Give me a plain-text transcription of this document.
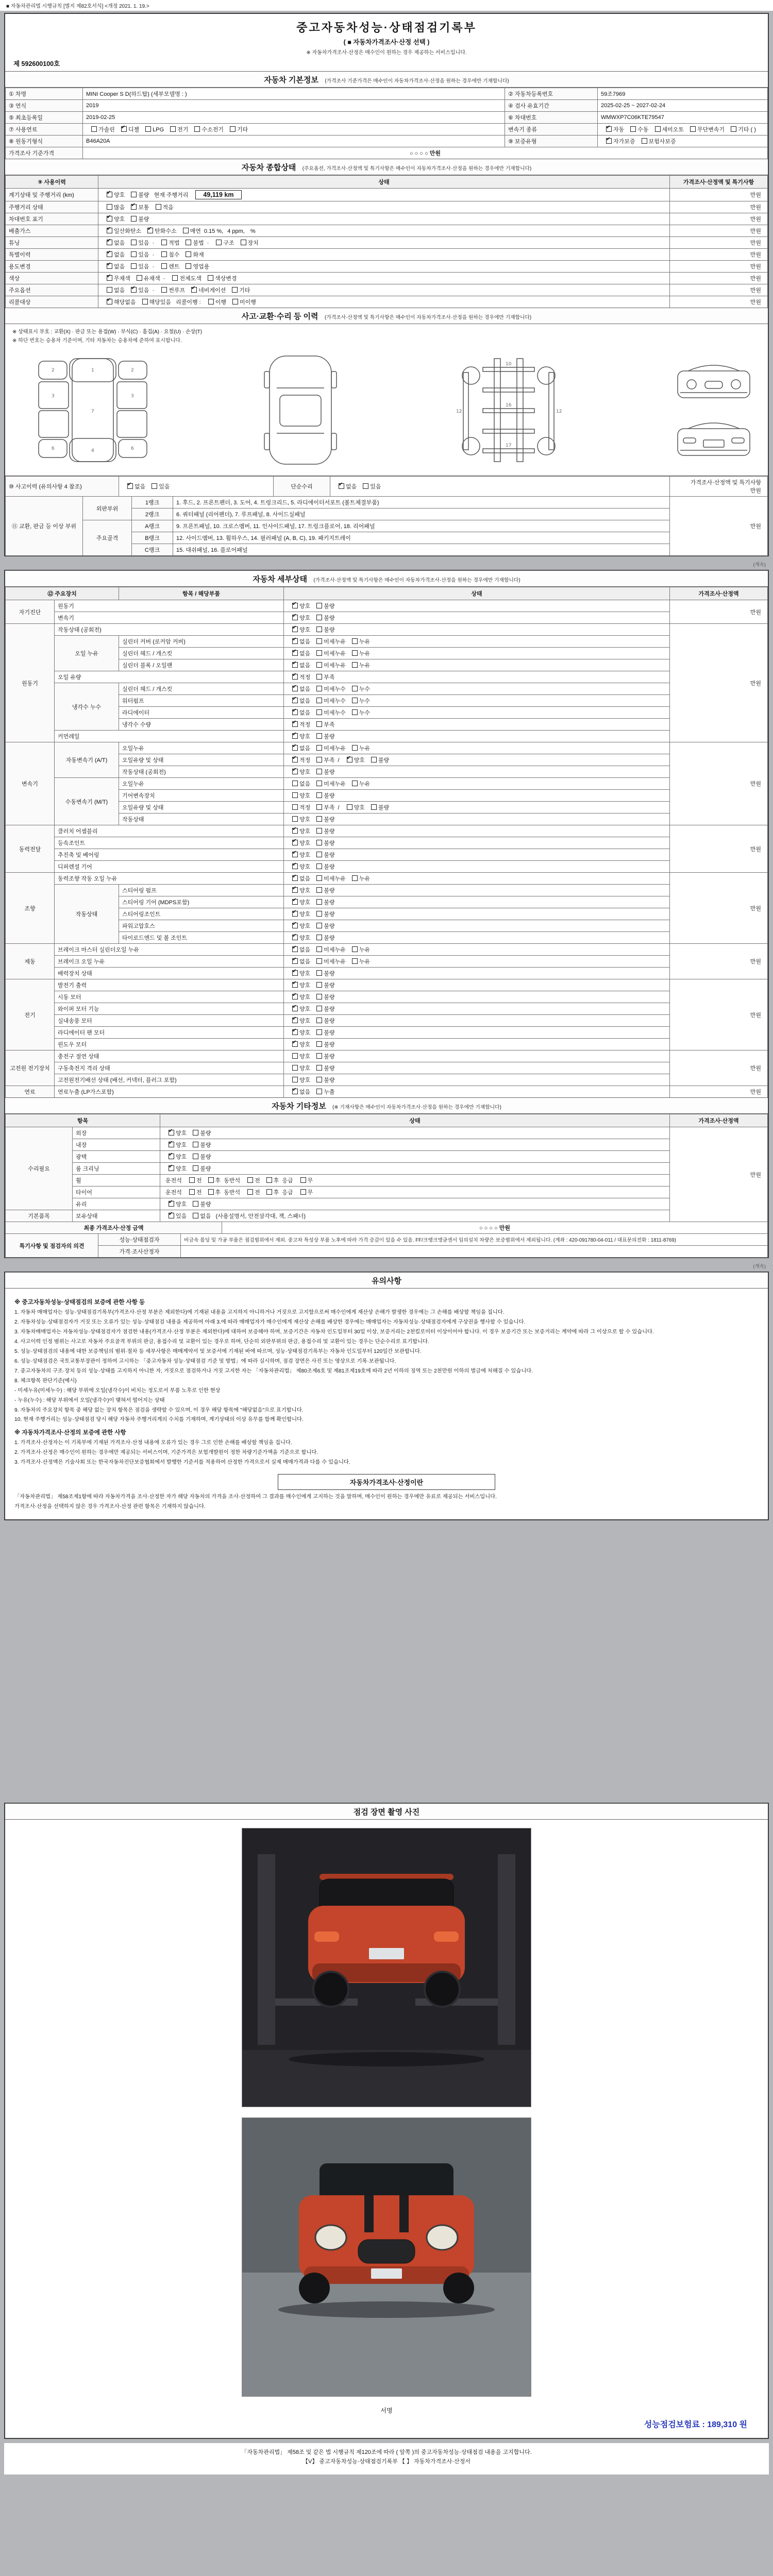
■ 자동차관리법 시행규칙 [별지 제82호서식] <개정 2021. 1. 19.>
중고자동차성능·상태점검기록부
( ■ 자동차가격조사·산정 선택 )
※ 자동차가격조사·산정은 매수인이 원하는 경우 제공하는 서비스입니다.
제 592600100호
자동차 기본정보 (가격조사 기준가격은 매수인이 자동차가격조사·산정을 원하는 경우에만 기재합니다)
① 차명	MINI Cooper S D(하드탑) (세부모델명 : )	② 자동차등록번호	59조7969
③ 연식	2019	④ 검사 유효기간	2025-02-25 ~ 2027-02-24
⑤ 최초등록일	2019-02-25	⑥ 차대번호	WMWXP7C06KTE79547
⑦ 사용연료	가솔린 ✔ 디젤 LPG 전기 수소전기 기타	변속기 종류	✔자동 수동 세미오토 무단변속기 기타 ( )
⑧ 원동기형식	B46A20A	⑨ 보증유형	✔자가보증 보험사보증
가격조사 기준가격	○ ○ ○ ○ 만원		
자동차 종합상태 (주요옵션, 가격조사·산정액 및 특기사항은 매수인이 자동차가격조사·산정을 원하는 경우에만 기재합니다)
⑨ 사용이력	상태	가격조사·산정액 및 특기사항
계기상태 및 주행거리 (km)	✔양호 불량 현재 주행거리 49,119 km	만원
주행거리 상태	많음 ✔ 보통 적음	만원
차대번호 표기	✔양호 불량	만원
배출가스	✔일산화탄소 ✔ 탄화수소 매연 0.15 %, 4 ppm, %	만원
튜닝	✔없음 있음 · 적법 불법 · 구조 장치	만원
특별이력	✔없음 있음 · 침수 화재	만원
용도변경	✔없음 있음 · 렌트 영업용	만원
색상	✔무채색 유채색 · 전체도색 색상변경	만원
주요옵션	없음 ✔ 있음 · 썬루프 ✔ 네비게이션 기타	만원
리콜대상	✔해당없음 해당있음 리콜이행 : 이행 미이행	만원
사고·교환·수리 등 이력 (가격조사·산정액 및 특기사항은 매수인이 자동차가격조사·산정을 원하는 경우에만 기재합니다)
※ 상태표시 부호 : 교환(X) · 판금 또는 용접(W) · 부식(C) · 흠집(A) · 요철(U) · 손상(T)
※ 하단 번호는 승용차 기준이며, 기타 자동차는 승용차에 준하여 표시합니다.
1
7
4
3	3
2	2
6	6
10
16
17
12	12
⑩ 사고이력 (유의사항 4 참조)	✔없음 있음	단순수리	✔없음 있음	
가격조사·산정액 및 특기사항
만원
⑪ 교환, 판금 등 이상 부위	외판부위	1랭크	1. 후드, 2. 프론트펜더, 3. 도어, 4. 트렁크리드, 5. 라디에이터서포트 (볼트체결부품)	만원
		2랭크	6. 쿼터패널 (리어펜더), 7. 루프패널, 8. 사이드실패널	
	주요골격	A랭크	9. 프론트패널, 10. 크로스멤버, 11. 인사이드패널, 17. 트렁크플로어, 18. 리어패널	
		B랭크	12. 사이드멤버, 13. 휠하우스, 14. 필러패널 (A, B, C), 19. 패키지트레이	
		C랭크	15. 대쉬패널, 16. 플로어패널	
(계속)
자동차 세부상태 (가격조사·산정액 및 특기사항은 매수인이 자동차가격조사·산정을 원하는 경우에만 기재합니다)
⑫ 주요장치		항목 / 해당부품	상태	가격조사·산정액
자기진단	원동기	✔양호 불량	만원
	변속기	✔양호 불량
원동기	작동상태 (공회전)	✔양호 불량	만원
	오일 누유	실린더 커버 (로커암 커버)	✔없음 미세누유 누유
		실린더 헤드 / 개스킷	✔없음 미세누유 누유
		실린더 블록 / 오일팬	✔없음 미세누유 누유
	오일 유량	✔적정 부족
	냉각수 누수	실린더 헤드 / 개스킷	✔없음 미세누수 누수
		워터펌프	✔없음 미세누수 누수
		라디에이터	✔없음 미세누수 누수
		냉각수 수량	✔적정 부족
	커먼레일	✔양호 불량
변속기	자동변속기 (A/T)	오일누유	✔없음 미세누유 누유	만원
		오일유량 및 상태	✔적정 부족 / ✔ 양호 불량
		작동상태 (공회전)	✔양호 불량
	수동변속기 (M/T)	오일누유	없음 미세누유 누유	
		기어변속장치	양호 불량	
		오일유량 및 상태	적정 부족 / 양호 불량	
		작동상태	양호 불량	
동력전달	클러치 어셈블리	✔양호 불량	만원
	등속조인트	✔양호 불량
	추진축 및 베어링	✔양호 불량
	디퍼렌셜 기어	✔양호 불량
조향	동력조향 작동 오일 누유	✔없음 미세누유 누유	만원
	작동상태	스티어링 펌프	✔양호 불량
		스티어링 기어 (MDPS포함)	✔양호 불량
		스티어링조인트	✔양호 불량
		파워고압호스	✔양호 불량
		타이로드엔드 및 볼 조인트	✔양호 불량
제동	브레이크 마스터 실린더오일 누유	✔없음 미세누유 누유	만원
	브레이크 오일 누유	✔없음 미세누유 누유
	배력장치 상태	✔양호 불량
전기	발전기 출력	✔양호 불량	만원
	시동 모터	✔양호 불량
	와이퍼 모터 기능	✔양호 불량
	실내송풍 모터	✔양호 불량
	라디에이터 팬 모터	✔양호 불량
	윈도우 모터	✔양호 불량
고전원 전기장치	충전구 절연 상태		양호 불량	만원
	구동축전지 격리 상태		양호 불량	
	고전원전기배선 상태 (배선, 커넥터, 플러그 포함)		양호 불량	
연료	연료누출 (LP가스포함)	✔없음 누출	만원
자동차 기타정보 (※ 기재사항은 매수인이 자동차가격조사·산정을 원하는 경우에만 기재합니다)
항목		상태	가격조사·산정액
수리필요	외장	✔양호 불량	만원
	내장	✔양호 불량
	광택	✔양호 불량
	룸 크리닝	✔양호 불량
	휠	운전석 전 후 동반석 전 후 응급 무	
	타이어	운전석 전 후 동반석 전 후 응급 무	
	유리	✔양호 불량
기본품목	보유상태	✔있음 없음 (사용설명서, 안전삼각대, 잭, 스패너)
최종 가격조사·산정 금액	○ ○ ○ ○ 만원
특기사항 및 점검자의 의견	성능·상태점검자	비금속 몰딩 및 가공 부품은 점검범위에서 제외. 중고차 특성상 부품 노후에 따라 가격 증감이 있을 수 있음. FF/크랭크앵글센서 임의설치 차량은 보증범위에서 제외됩니다. (계좌 : 420-091780-04-011 / 대표문의전화 : 1811-8769)
	가격·조사산정자	
(계속)
유의사항
※ 중고자동차성능·상태점검의 보증에 관한 사항 등
1. 자동차 매매업자는 성능·상태점검기록부(가격조사·산정 부분은 제외한다)에 기재된 내용을 고지하지 아니하거나 거짓으로 고지함으로써 매수인에게 재산상 손해가 발생한 경우에는 그 손해를 배상할 책임을 집니다.
2. 자동차성능·상태점검자가 거짓 또는 오류가 있는 성능·상태점검 내용을 제공하여 아래 3.에 따라 매매업자가 매수인에게 재산상 손해를 배상한 경우에는 매매업자는 자동차성능·상태점검자에게 구상권을 행사할 수 있습니다.
3. 자동차매매업자는 자동차성능·상태점검자가 점검한 내용(가격조사·산정 부분은 제외한다)에 대하여 보증해야 하며, 보증기간은 자동차 인도일부터 30일 이상, 보증거리는 2천킬로미터 이상이어야 합니다. 이 경우 보증기간 또는 보증거리는 계약에 따라 그 이상으로 할 수 있습니다.
4. 사고이력 인정 범위는 사고로 자동차 주요골격 부위의 판금, 용접수리 및 교환이 있는 경우로 하며, 단순히 외판부위의 판금, 용접수리 및 교환이 있는 경우는 단순수리로 표기합니다.
5. 성능·상태점검의 내용에 대한 보증책임의 범위·절차 등 세부사항은 매매계약서 및 보증서에 기재된 바에 따르며, 성능·상태점검기록부는 자동차 인도일부터 120일간 보관합니다.
6. 성능·상태점검은 국토교통부장관이 정하여 고시하는 「중고자동차 성능·상태점검 기준 및 방법」에 따라 실시하며, 점검 장면은 사진 또는 영상으로 기록·보관됩니다.
7. 중고자동차의 구조·장치 등의 성능·상태를 고지하지 아니한 자, 거짓으로 점검하거나 거짓 고지한 자는 「자동차관리법」 제80조제6호 및 제81조제19호에 따라 2년 이하의 징역 또는 2천만원 이하의 벌금에 처해질 수 있습니다.
8. 체크항목 판단기준(예시)
- 미세누유(미세누수) : 해당 부위에 오일(냉각수)이 비치는 정도로서 부품 노후로 인한 현상
- 누유(누수) : 해당 부위에서 오일(냉각수)이 맺혀서 떨어지는 상태
9. 자동차의 주요장치 항목 중 해당 없는 장치 항목은 점검을 생략할 수 있으며, 이 경우 해당 항목에 "해당없음"으로 표기합니다.
10. 현재 주행거리는 성능·상태점검 당시 해당 자동차 주행거리계의 수치를 기재하며, 계기상태의 이상 유무를 함께 확인합니다.
※ 자동차가격조사·산정의 보증에 관한 사항
1. 가격조사·산정자는 이 기록부에 기재된 가격조사·산정 내용에 오류가 있는 경우 그로 인한 손해를 배상할 책임을 집니다.
2. 가격조사·산정은 매수인이 원하는 경우에만 제공되는 서비스이며, 기준가격은 보험개발원이 정한 차량기준가액을 기준으로 합니다.
3. 가격조사·산정액은 기술사회 또는 한국자동차진단보증협회에서 발행한 기준서를 적용하여 산정한 가격으로서 실제 매매가격과 다를 수 있습니다.
자동차가격조사·산정이란
「자동차관리법」 제58조제1항에 따라 자동차가격을 조사·산정한 자가 해당 자동차의 가격을 조사·산정하여 그 결과를 매수인에게 고지하는 것을 말하며, 매수인이 원하는 경우에만 유료로 제공되는 서비스입니다.
가격조사·산정을 선택하지 않은 경우 가격조사·산정 관련 항목은 기재하지 않습니다.
점검 장면 촬영 사진
서명
성능점검보험료 : 189,310 원
「자동차관리법」 제58조 및 같은 법 시행규칙 제120조에 따라 ( 앞쪽 )의 중고자동차성능·상태점검 내용을 고지합니다.
【V】 중고자동차성능·상태점검기록부 【 】 자동차가격조사·산정서
